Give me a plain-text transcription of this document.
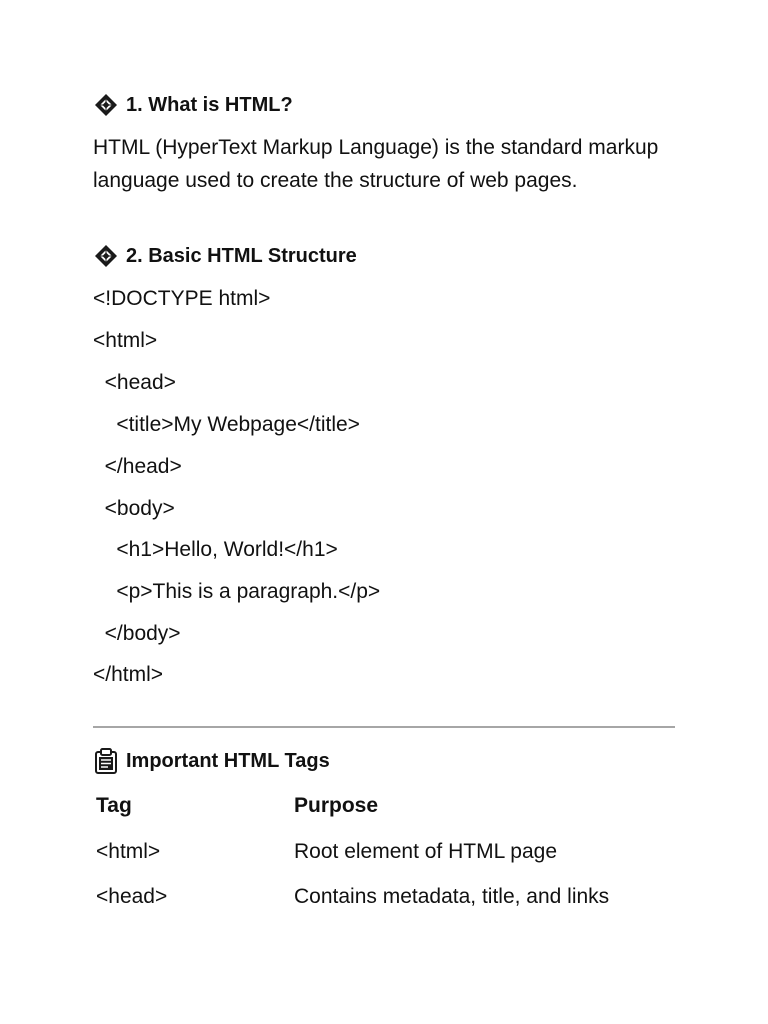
1. What is HTML?
HTML (HyperText Markup Language) is the standard markup language used to create the structure of web pages.
2. Basic HTML Structure
<!DOCTYPE html>
<html>
<head>
<title>My Webpage</title>
</head>
<body>
<h1>Hello, World!</h1>
<p>This is a paragraph.</p>
</body>
</html>
Important HTML Tags
Tag	Purpose
<html>	Root element of HTML page
<head>	Contains metadata, title, and links
